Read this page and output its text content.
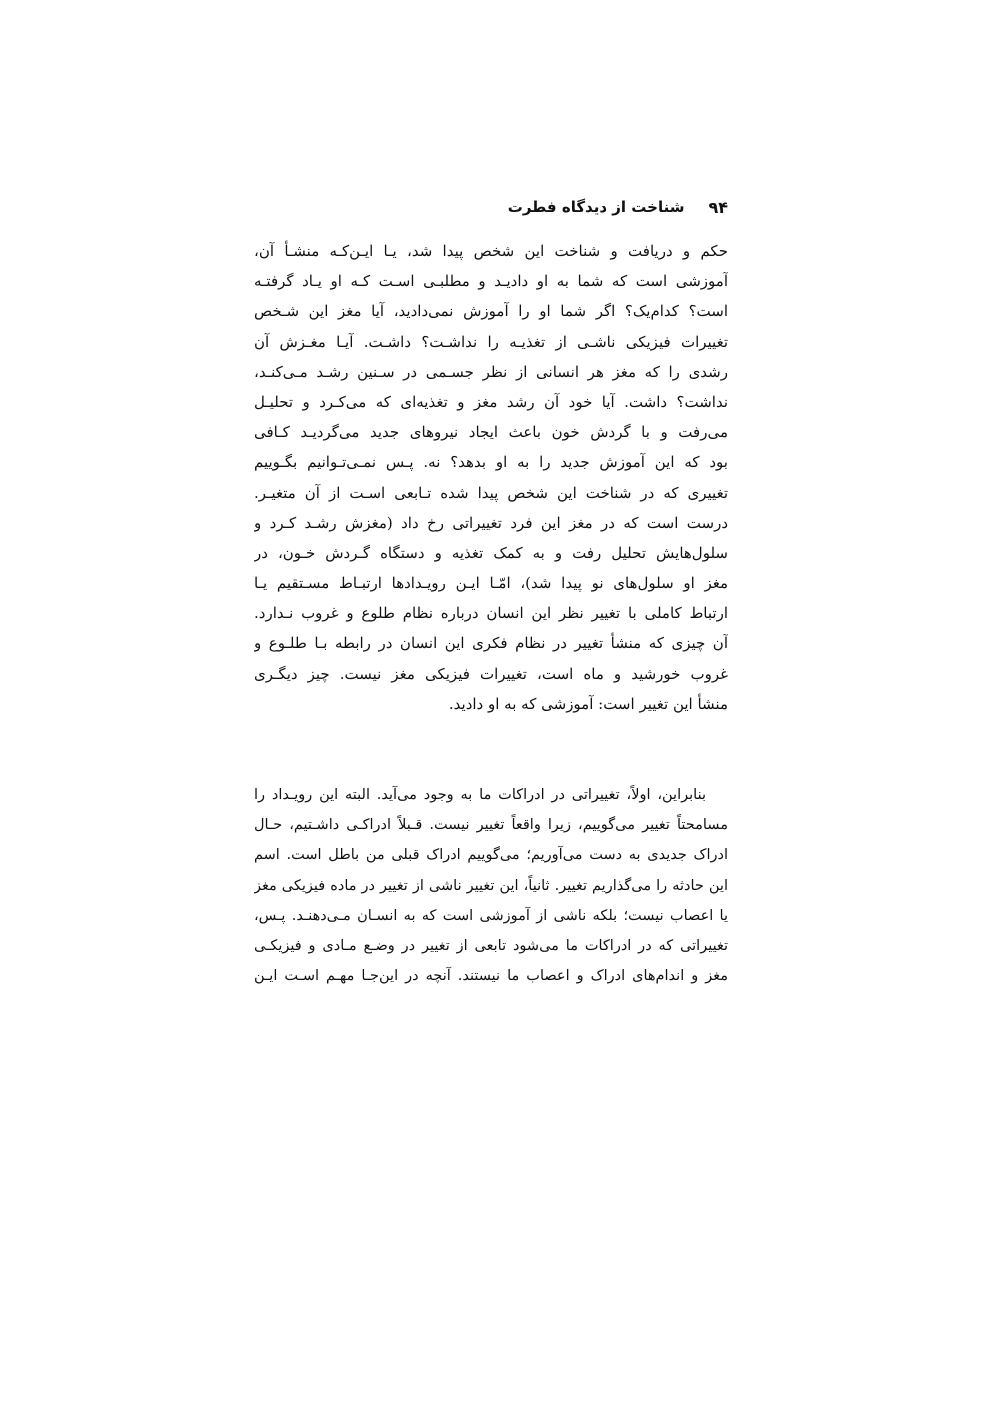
۹۴
شناخت از دیدگاه فطرت
حکم و دریافت و شناخت این شخص پیدا شد، یـا ایـن‌کـه منشـأ آن،
آموزشی است که شما به او دادیـد و مطلبـی اسـت کـه او یـاد گرفتـه
است؟ کدام‌یک؟ اگر شما او را آموزش نمی‌دادید، آیا مغز این شـخص
تغییرات فیزیکی ناشـی از تغذیـه را نداشـت؟ داشـت. آیـا مغـزش آن
رشدی را که مغز هر انسانی از نظر جسـمی در سـنین رشـد مـی‌کنـد،
نداشت؟ داشت. آیا خود آن رشد مغز و تغذیه‌ای که می‌کـرد و تحلیـل
می‌رفت و با گردش خون باعث ایجاد نیروهای جدید می‌گردیـد کـافی
بود که این آموزش جدید را به او بدهد؟ نه. پـس نمـی‌تـوانیم بگـوییم
تغییری که در شناخت این شخص پیدا شده تـابعی اسـت از آن متغیـر.
درست است که در مغز این فرد تغییراتی رخ داد (مغزش رشـد کـرد و
سلول‌هایش تحلیل رفت و به کمک تغذیه و دستگاه گـردش خـون، در
مغز او سلول‌های نو پیدا شد)، امّـا ایـن رویـدادها ارتبـاط مسـتقیم یـا
ارتباط کاملی با تغییر نظر این انسان درباره نظام طلوع و غروب نـدارد.
آن چیزی که منشأ تغییر در نظام فکری این انسان در رابطه بـا طلـوع و
غروب خورشید و ماه است، تغییرات فیزیکی مغز نیست. چیز دیگـری
منشأ این تغییر است: آموزشی که به او دادید.
بنابراین، اولاً، تغییراتی در ادراکات ما به وجود می‌آید. البته این رویـداد را
مسامحتاً تغییر می‌گوییم، زیرا واقعاً تغییر نیست. قـبلاً ادراکـی داشـتیم، حـال
ادراک جدیدی به دست می‌آوریم؛ می‌گوییم ادراک قبلی من باطل است. اسم
این حادثه را می‌گذاریم تغییر. ثانیاً، این تغییر ناشی از تغییر در ماده فیزیکی مغز
یا اعصاب نیست؛ بلکه ناشی از آموزشی است که به انسـان مـی‌دهنـد. پـس،
تغییراتی که در ادراکات ما می‌شود تابعی از تغییر در وضـع مـادی و فیزیکـی
مغز و اندام‌های ادراک و اعصاب ما نیستند. آنچه در این‌جـا مهـم اسـت ایـن
